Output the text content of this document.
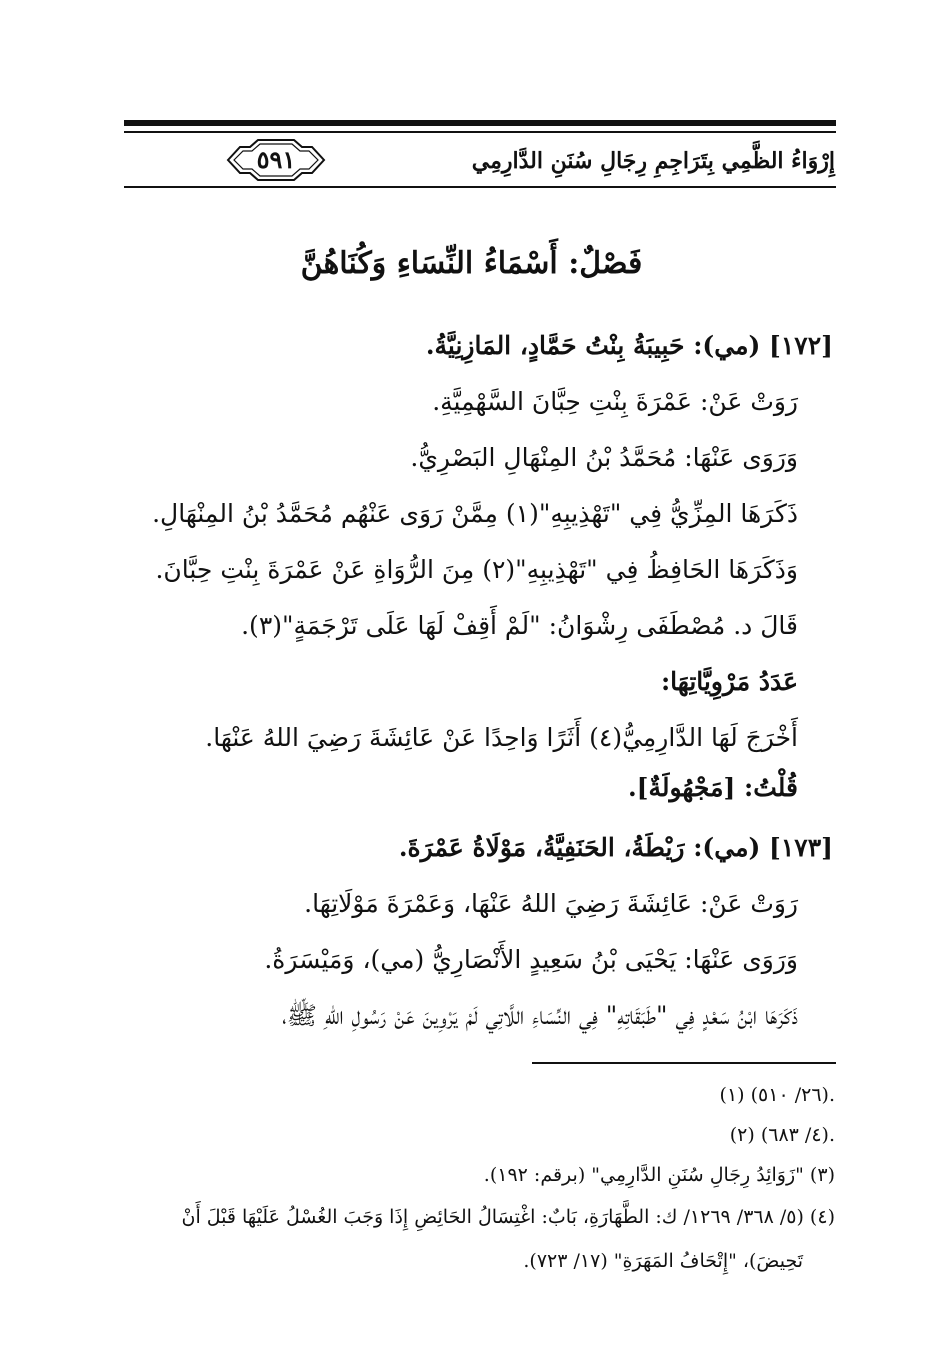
٥٩١	إِرْوَاءُ الظَّمِي بِتَرَاجِمِ رِجَالِ سُنَنِ الدَّارِمِي
فَصْلٌ: أَسْمَاءُ النِّسَاءِ وَكُنَاهُنَّ
[١٧٢] (مي): حَبِيبَةُ بِنْتُ حَمَّادٍ، المَازِنِيَّةُ.
رَوَتْ عَنْ: عَمْرَةَ بِنْتِ حِبَّانَ السَّهْمِيَّةِ.
وَرَوَى عَنْهَا: مُحَمَّدُ بْنُ المِنْهَالِ البَصْرِيُّ.
ذَكَرَهَا المِزِّيُّ فِي "تَهْذِيبِهِ"(١) مِمَّنْ رَوَى عَنْهُم مُحَمَّدُ بْنُ المِنْهَالِ.
وَذَكَرَهَا الحَافِظُ فِي "تَهْذِيبِهِ"(٢) مِنَ الرُّوَاةِ عَنْ عَمْرَةَ بِنْتِ حِبَّانَ.
قَالَ د. مُصْطَفَى رِشْوَانُ: "لَمْ أَقِفْ لَهَا عَلَى تَرْجَمَةٍ"(٣).
عَدَدُ مَرْوِيَّاتِهَا:
أَخْرَجَ لَهَا الدَّارِمِيُّ(٤) أَثَرًا وَاحِدًا عَنْ عَائِشَةَ رَضِيَ اللهُ عَنْهَا.
قُلْتُ: [مَجْهُولَةٌ].
[١٧٣] (مي): رَيْطَةُ، الحَنَفِيَّةُ، مَوْلَاةُ عَمْرَةَ.
رَوَتْ عَنْ: عَائِشَةَ رَضِيَ اللهُ عَنْهَا، وَعَمْرَةَ مَوْلَاتِهَا.
وَرَوَى عَنْهَا: يَحْيَى بْنُ سَعِيدٍ الأَنْصَارِيُّ (مي)، وَمَيْسَرَةُ.
ذَكَرَهَا ابْنُ سَعْدٍ فِي "طَبَقَاتِهِ" فِي النِّسَاءِ اللَّاتِي لَمْ يَرْوِينَ عَنْ رَسُولِ اللهِ ﷺ،
(١) (٢٦/ ٥١٠).
(٢) (٤/ ٦٨٣).
(٣) "زَوَائِدُ رِجَالِ سُنَنِ الدَّارِمِي" (برقم: ١٩٢).
(٤) (٥/ ٣٦٨/ ١٢٦٩/ ك: الطَّهَارَةِ، بَابٌ: اغْتِسَالُ الحَائِضِ إِذَا وَجَبَ الغُسْلُ عَلَيْهَا قَبْلَ أَنْ
تَحِيضَ)، "إِتْحَافُ المَهَرَةِ" (١٧/ ٧٢٣).
